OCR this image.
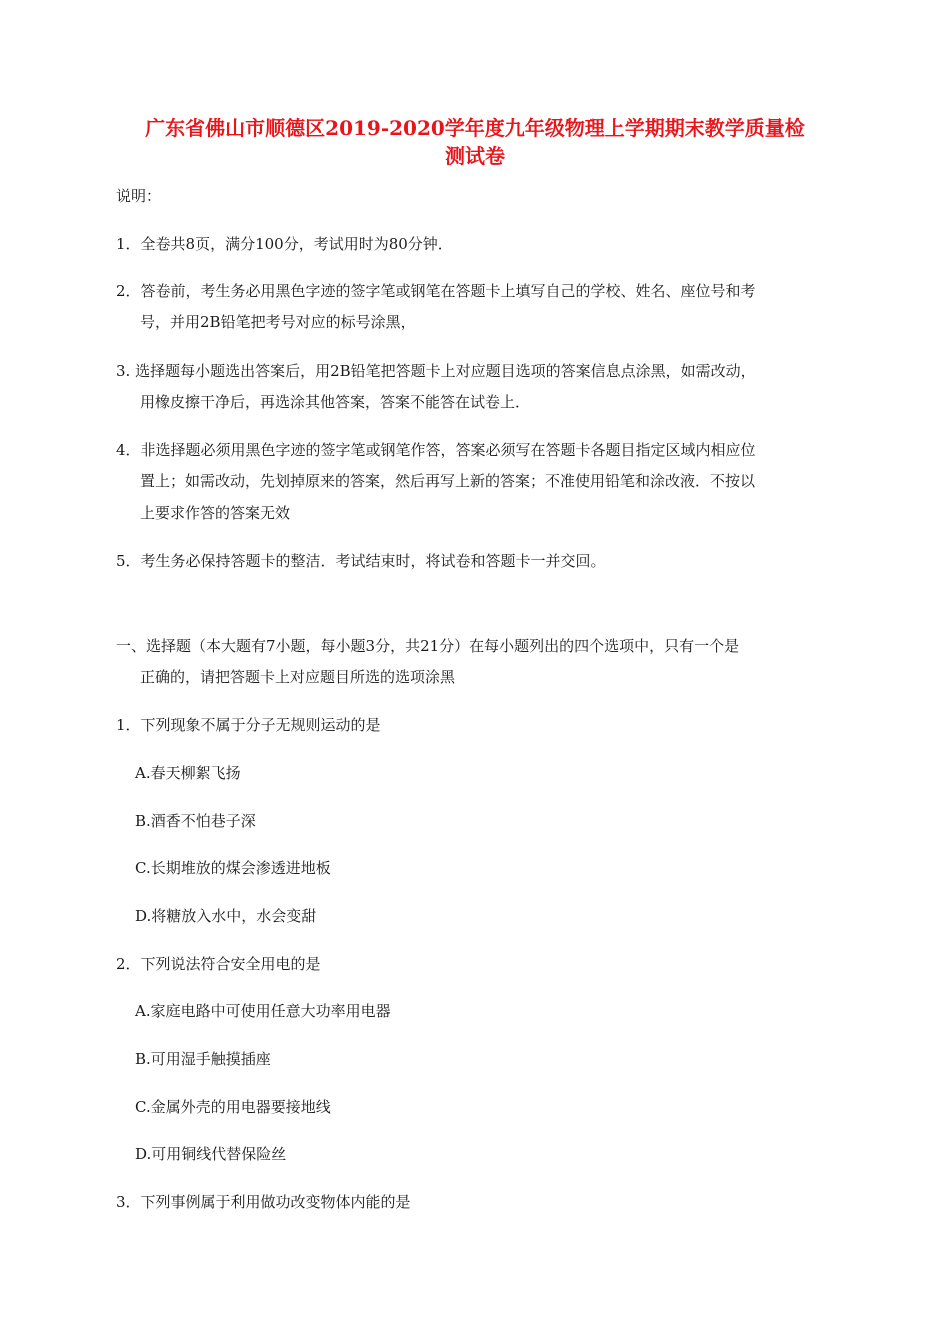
广东省佛山市顺德区2019-2020学年度九年级物理上学期期末教学质量检
测试卷
说明：
1．全卷共8页，满分100分，考试用时为80分钟．
2．答卷前，考生务必用黑色字迹的签字笔或钢笔在答题卡上填写自己的学校、姓名、座位号和考
号，并用2B铅笔把考号对应的标号涂黑，
3. 选择题每小题选出答案后，用2B铅笔把答题卡上对应题目选项的答案信息点涂黑，如需改动，
用橡皮擦干净后，再选涂其他答案，答案不能答在试卷上．
4．非选择题必须用黑色字迹的签字笔或钢笔作答，答案必须写在答题卡各题目指定区域内相应位
置上；如需改动，先划掉原来的答案，然后再写上新的答案；不准使用铅笔和涂改液．不按以
上要求作答的答案无效
5．考生务必保持答题卡的整洁．考试结束时，将试卷和答题卡一并交回。
一、选择题（本大题有7小题，每小题3分，共21分）在每小题列出的四个选项中，只有一个是
正确的，请把答题卡上对应题目所选的选项涂黑
1．下列现象不属于分子无规则运动的是
A.春天柳絮飞扬
B.酒香不怕巷子深
C.长期堆放的煤会渗透进地板
D.将糖放入水中，水会变甜
2．下列说法符合安全用电的是
A.家庭电路中可使用任意大功率用电器
B.可用湿手触摸插座
C.金属外壳的用电器要接地线
D.可用铜线代替保险丝
3．下列事例属于利用做功改变物体内能的是
